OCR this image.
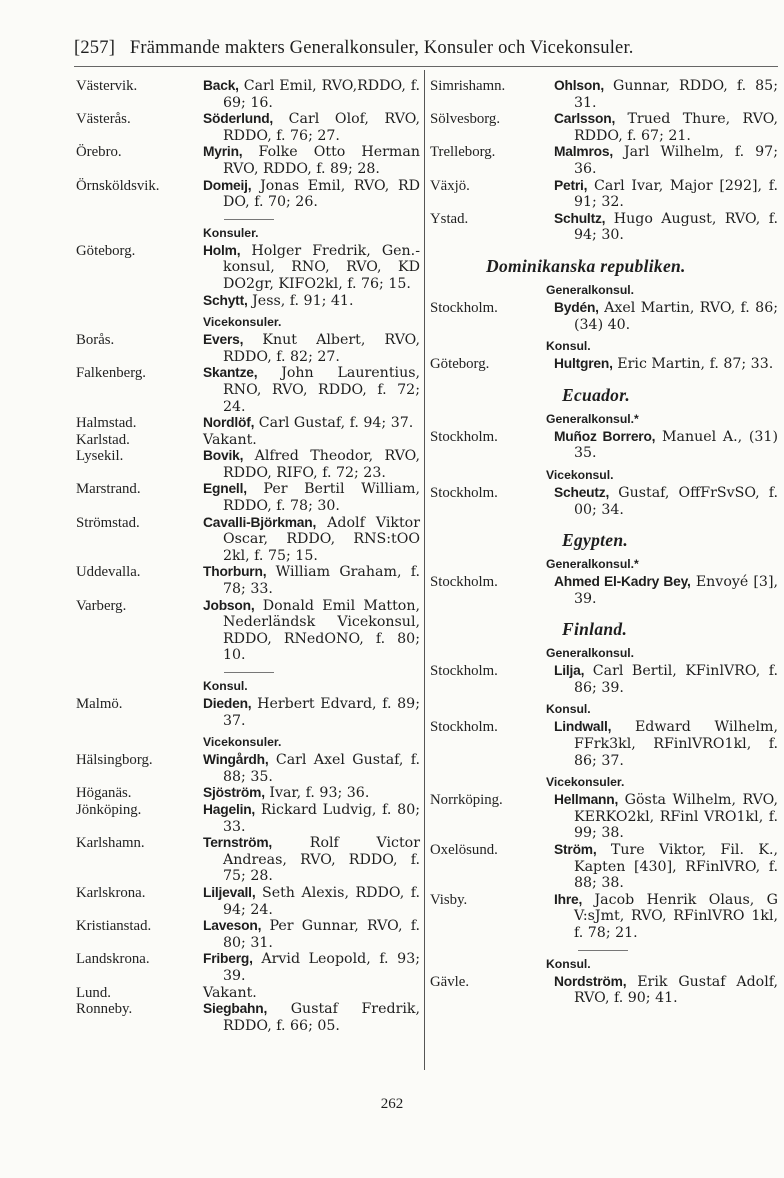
[257] Främmande makters Generalkonsuler, Konsuler och Vicekonsuler.
Västervik.	Back, Carl Emil, RVO,RDDO, f. 69; 16.
Västerås.	Söderlund, Carl Olof, RVO, RDDO, f. 76; 27.
Örebro.	Myrin, Folke Otto Herman RVO, RDDO, f. 89; 28.
Örnsköldsvik.	Domeij, Jonas Emil, RVO, RD DO, f. 70; 26.
Konsuler.
Göteborg.	Holm, Holger Fredrik, Gen.-konsul, RNO, RVO, KD DO2gr, KIFO2kl, f. 76; 15.
Schytt, Jess, f. 91; 41.
Vicekonsuler.
Borås.	Evers, Knut Albert, RVO, RDDO, f. 82; 27.
Falkenberg.	Skantze, John Laurentius, RNO, RVO, RDDO, f. 72; 24.
Halmstad.	Nordlöf, Carl Gustaf, f. 94; 37.
Karlstad.	Vakant.
Lysekil.	Bovik, Alfred Theodor, RVO, RDDO, RIFO, f. 72; 23.
Marstrand.	Egnell, Per Bertil William, RDDO, f. 78; 30.
Strömstad.	Cavalli-Björkman, Adolf Viktor Oscar, RDDO, RNS:tOO 2kl, f. 75; 15.
Uddevalla.	Thorburn, William Graham, f. 78; 33.
Varberg.	Jobson, Donald Emil Matton, Nederländsk Vicekonsul, RDDO, RNedONO, f. 80; 10.
Konsul.
Malmö.	Dieden, Herbert Edvard, f. 89; 37.
Vicekonsuler.
Hälsingborg.	Wingårdh, Carl Axel Gustaf, f. 88; 35.
Höganäs.	Sjöström, Ivar, f. 93; 36.
Jönköping.	Hagelin, Rickard Ludvig, f. 80; 33.
Karlshamn.	Ternström, Rolf Victor Andreas, RVO, RDDO, f. 75; 28.
Karlskrona.	Liljevall, Seth Alexis, RDDO, f. 94; 24.
Kristianstad.	Laveson, Per Gunnar, RVO, f. 80; 31.
Landskrona.	Friberg, Arvid Leopold, f. 93; 39.
Lund.	Vakant.
Ronneby.	Siegbahn, Gustaf Fredrik, RDDO, f. 66; 05.
Simrishamn.	Ohlson, Gunnar, RDDO, f. 85; 31.
Sölvesborg.	Carlsson, Trued Thure, RVO, RDDO, f. 67; 21.
Trelleborg.	Malmros, Jarl Wilhelm, f. 97; 36.
Växjö.	Petri, Carl Ivar, Major [292], f. 91; 32.
Ystad.	Schultz, Hugo August, RVO, f. 94; 30.
Dominikanska republiken.
Generalkonsul.
Stockholm.	Bydén, Axel Martin, RVO, f. 86; (34) 40.
Konsul.
Göteborg.	Hultgren, Eric Martin, f. 87; 33.
Ecuador.
Generalkonsul.*
Stockholm.	Muñoz Borrero, Manuel A., (31) 35.
Vicekonsul.
Stockholm.	Scheutz, Gustaf, OffFrSvSO, f. 00; 34.
Egypten.
Generalkonsul.*
Stockholm.	Ahmed El-Kadry Bey, Envoyé [3], 39.
Finland.
Generalkonsul.
Stockholm.	Lilja, Carl Bertil, KFinlVRO, f. 86; 39.
Konsul.
Stockholm.	Lindwall, Edward Wilhelm, FFrk3kl, RFinlVRO1kl, f. 86; 37.
Vicekonsuler.
Norrköping.	Hellmann, Gösta Wilhelm, RVO, KERKO2kl, RFinl VRO1kl, f. 99; 38.
Oxelösund.	Ström, Ture Viktor, Fil. K., Kapten [430], RFinlVRO, f. 88; 38.
Visby.	Ihre, Jacob Henrik Olaus, G V:sJmt, RVO, RFinlVRO 1kl, f. 78; 21.
Konsul.
Gävle.	Nordström, Erik Gustaf Adolf, RVO, f. 90; 41.
262
